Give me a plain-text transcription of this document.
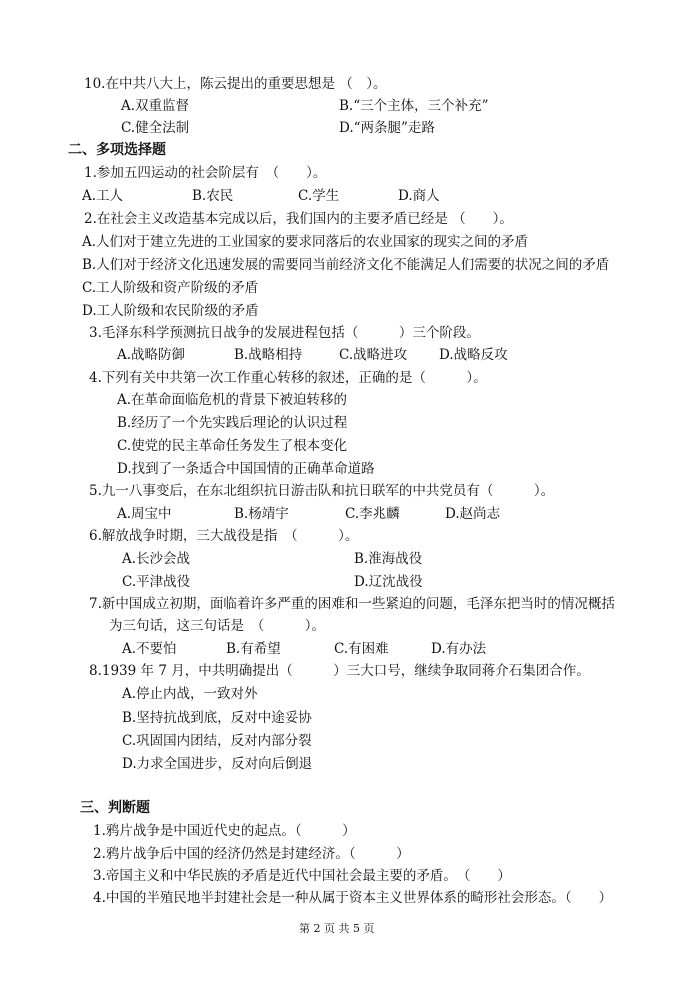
10.在中共八大上，陈云提出的重要思想是 （　）。
A.双重监督	B.“三个主体，三个补充”
C.健全法制	D.“两条腿”走路
二、多项选择题
1.参加五四运动的社会阶层有　（　　）。
A.工人	B.农民	C.学生	D.商人
2.在社会主义改造基本完成以后，我们国内的主要矛盾已经是 （　　）。
A.人们对于建立先进的工业国家的要求同落后的农业国家的现实之间的矛盾
B.人们对于经济文化迅速发展的需要同当前经济文化不能满足人们需要的状况之间的矛盾
C.工人阶级和资产阶级的矛盾
D.工人阶级和农民阶级的矛盾
3.毛泽东科学预测抗日战争的发展进程包括（　　　）三个阶段。
A.战略防御	B.战略相持	C.战略进攻 D.战略反攻
4.下列有关中共第一次工作重心转移的叙述，正确的是（　　　）。
A.在革命面临危机的背景下被迫转移的
B.经历了一个先实践后理论的认识过程
C.使党的民主革命任务发生了根本变化
D.找到了一条适合中国国情的正确革命道路
5.九一八事变后，在东北组织抗日游击队和抗日联军的中共党员有（　　　）。
A.周宝中	B.杨靖宇	C.李兆麟	D.赵尚志
6.解放战争时期，三大战役是指　（　　　）。
A.长沙会战	B.淮海战役
C.平津战役	D.辽沈战役
7.新中国成立初期，面临着许多严重的困难和一些紧迫的问题，毛泽东把当时的情况概括
为三句话，这三句话是　（　　　）。
A.不要怕	B.有希望	C.有困难	D.有办法
8.1939 年 7 月，中共明确提出（　　　）三大口号，继续争取同蒋介石集团合作。
A.停止内战，一致对外
B.坚持抗战到底，反对中途妥协
C.巩固国内团结，反对内部分裂
D.力求全国进步，反对向后倒退
三、判断题
1.鸦片战争是中国近代史的起点。（　　　）
2.鸦片战争后中国的经济仍然是封建经济。（　　　）
3.帝国主义和中华民族的矛盾是近代中国社会最主要的矛盾。　（　　）
4.中国的半殖民地半封建社会是一种从属于资本主义世界体系的畸形社会形态。（　　）
第 2 页 共 5 页
